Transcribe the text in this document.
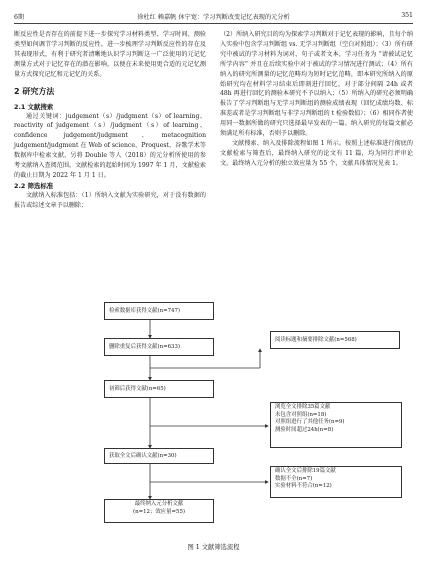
6期	徐杜红 赖嘉帆 休宁宽：学习判断改变记忆表现的元分析	351

断反应性是否存在的前提下进一步探究学习材料类型、学习时间、测验类型如何调节学习判断的反应性。进一步梳理学习判断反应性的存在及其表现形式，有利于研究者清晰地认识学习判断这一广泛使用的元记忆测量方式对于记忆存在的潜在影响，以便在未来使用更合适的元记忆测量方式探究记忆和元记忆的关系。

2 研究方法
2.1 文献搜索

通过关键词：judgement（s）/judgment（s）of learning、reactivity of judgement（s）/judgment（s）of learning、confidence judgement/judgment、metacognition judgement/judgment 在 Web of science、Proquest、谷歌学术等数据库中检索文献，另将 Double 等人（2018）的元分析所使用的参考文献纳入查阅范围。文献检索的起始时间为 1997 年 1 月，文献检索的截止日期为 2022 年 1 月 1 日。

2.2 筛选标准

文献纳入标准包括：（1）所纳入文献为实验研究，对于没有数据的报告或综述文章予以删除；

（2）所纳入研究目的均为探索学习判断对于记忆表现的影响，且每个纳入实验中包含学习判断组 vs. 无学习判断组（空白对照组）；（3）所有研究中被试的学习材料为词对、句子或者文本，学习任务为 “请被试记忆所学内容” 并且在后续实验中对于被试的学习情况进行测试；（4）所有纳入的研究所测量的记忆范畴均为短时记忆范畴，即本研究所纳入的原始研究均在材料学习结束后即刻进行回忆，对于部分间隔 24h 或者 48h 再进行回忆的测验本研究不予以纳入；（5）所纳入的研究必须明确报告了学习判断组与无学习判断组的测验成绩表现（回忆成绩均数、标准差或者是学习判断组与非学习判断组的 t 检验数值）；（6）相同作者使用同一数据所做的研究只选择最早发表的一篇。纳入研究的每篇文献必须满足所有标准，否则予以删除。

文献搜索、纳入及排除流程如图 1 所示。按照上述标准进行彻底的文献检索与筛查后，最终纳入研究的论文有 11 篇，均为同行评审论文。最终纳入元分析的独立效应量为 55 个，文献具体情况见表 1。

检索数据库获得文献(n=747)
删除重复后获得文献(n=633)
阅读标题和摘要排除文献(n=568)
初筛后获得文献(n=65)
浏览全文排除35篇文献
未包含对照组(n=18)
对照组进行了其他任务(n=9)
测验时间超过24h(n=8)
获取全文后确认文献(n=30)
确认全文后排除19篇文献
数据不全(n=7)
实验材料不符合(n=12)
最终纳入元分析文献
(n=12；效应量=55)
图 1 文献筛选流程
